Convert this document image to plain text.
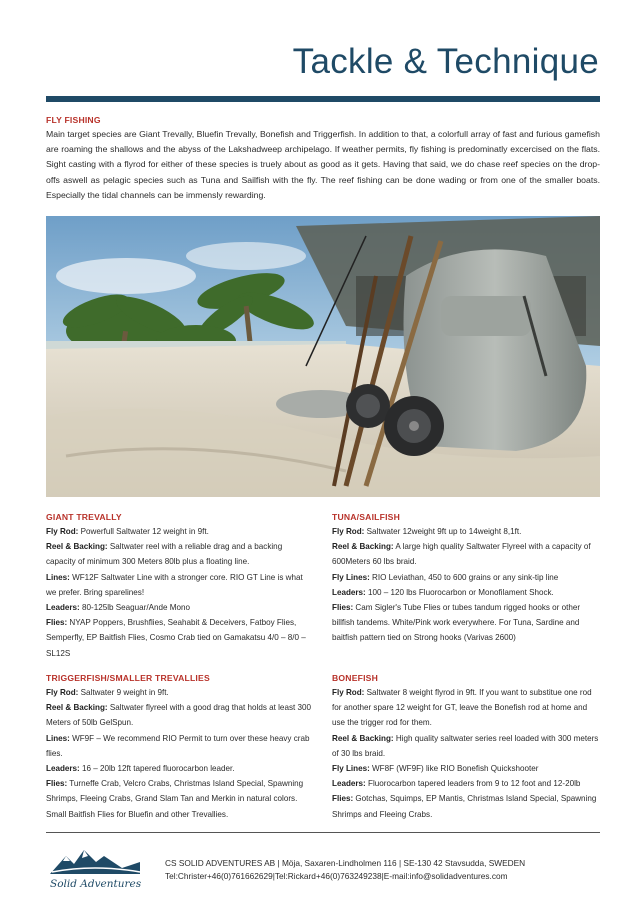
Tackle & Technique
FLY FISHING
Main target species are Giant Trevally, Bluefin Trevally, Bonefish and Triggerfish. In addition to that, a colorfull array of fast and furious gamefish are roaming the shallows and the abyss of the Lakshadweep archipelago. If weather permits, fly fishing is predominatly excercised on the flats. Sight casting with a flyrod for either of these species is truely about as good as it gets. Having that said, we do chase reef species on the drop-offs aswell as pelagic species such as Tuna and Sailfish with the fly. The reef fishing can be done wading or from one of the smaller boats. Especially the tidal channels can be immensly rewarding.
GIANT TREVALLY

Fly Rod: Powerfull Saltwater 12 weight in 9ft.

Reel & Backing: Saltwater reel with a reliable drag and a backing capacity of minimum 300 Meters 80lb plus a floating line.

Lines: WF12F Saltwater Line with a stronger core. RIO GT Line is what we prefer. Bring sparelines!

Leaders: 80-125lb Seaguar/Ande Mono

Flies: NYAP Poppers, Brushflies, Seahabit & Deceivers, Fatboy Flies, Semperfly, EP Baitfish Flies, Cosmo Crab tied on Gamakatsu 4/0 – 8/0 – SL12S

TUNA/SAILFISH

Fly Rod: Saltwater 12weight 9ft up to 14weight 8,1ft.

Reel & Backing: A large high quality Saltwater Flyreel with a capacity of 600Meters 60 lbs braid.

Fly Lines: RIO Leviathan, 450 to 600 grains or any sink-tip line

Leaders: 100 – 120 lbs Fluorocarbon or Monofilament Shock.

Flies: Cam Sigler's Tube Flies or tubes tandum rigged hooks or other billfish tandems. White/Pink work everywhere. For Tuna, Sardine and baitfish pattern tied on Strong hooks (Varivas 2600)

TRIGGERFISH/SMALLER TREVALLIES

Fly Rod: Saltwater 9 weight in 9ft.

Reel & Backing: Saltwater flyreel with a good drag that holds at least 300 Meters of 50lb GelSpun.

Lines: WF9F – We recommend RIO Permit to turn over these heavy crab flies.

Leaders: 16 – 20lb 12ft tapered fluorocarbon leader.

Flies: Turneffe Crab, Velcro Crabs, Christmas Island Special, Spawning Shrimps, Fleeing Crabs, Grand Slam Tan and Merkin in natural colors. Small Baitfish Flies for Bluefin and other Trevallies.

BONEFISH

Fly Rod: Saltwater 8 weight flyrod in 9ft. If you want to substitue one rod for another spare 12 weight for GT, leave the Bonefish rod at home and use the trigger rod for them.

Reel & Backing: High quality saltwater series reel loaded with 300 meters of 30 lbs braid.

Fly Lines: WF8F (WF9F) like RIO Bonefish Quickshooter

Leaders: Fluorocarbon tapered leaders from 9 to 12 foot and 12-20lb

Flies: Gotchas, Squimps, EP Mantis, Christmas Island Special, Spawning Shrimps and Fleeing Crabs.

Solid Adventures
CS SOLID ADVENTURES AB | Möja, Saxaren-Lindholmen 116 | SE-130 42 Stavsudda, SWEDEN
Tel:Christer+46(0)761662629|Tel:Rickard+46(0)763249238|E-mail:info@solidadventures.com
